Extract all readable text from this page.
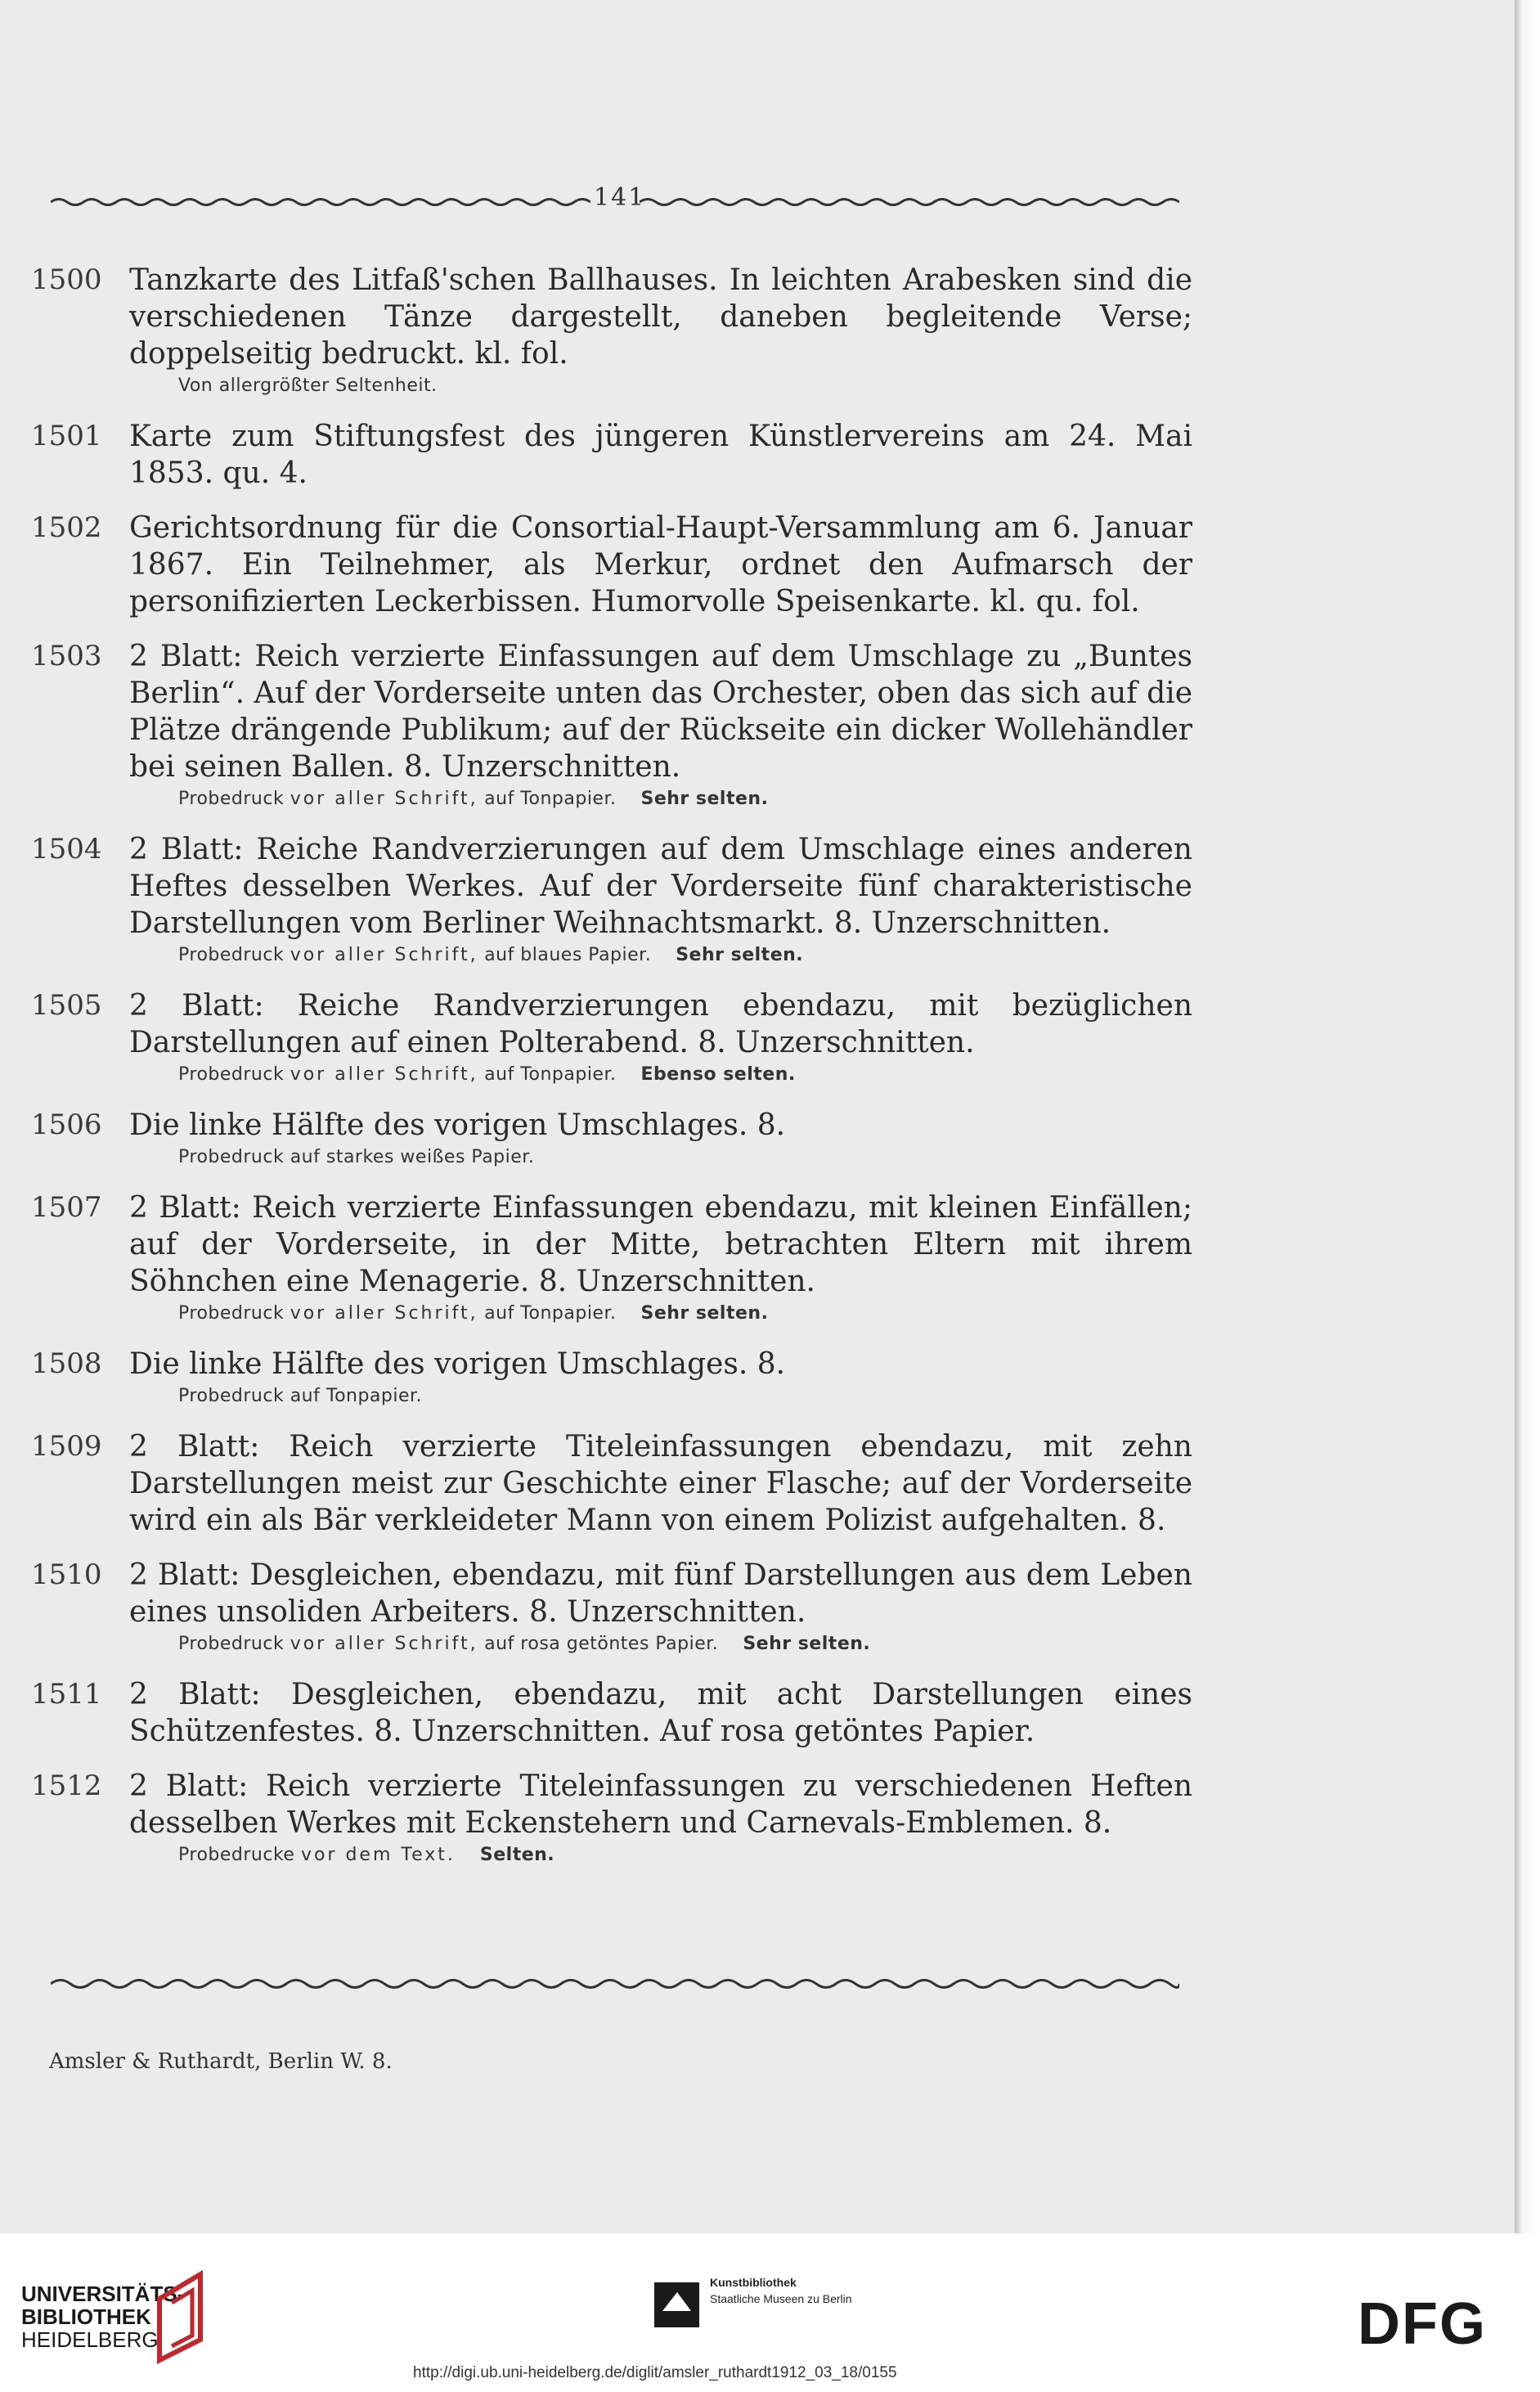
141
1500 Tanzkarte des Litfaß'schen Ballhauses. In leichten Arabesken sind die verschiedenen Tänze dargestellt, daneben begleitende Verse; doppelseitig bedruckt. kl. fol.
Von allergrößter Seltenheit.
1501 Karte zum Stiftungsfest des jüngeren Künstlervereins am 24. Mai 1853. qu. 4.
1502 Gerichtsordnung für die Consortial-Haupt-Versammlung am 6. Januar 1867. Ein Teilnehmer, als Merkur, ordnet den Aufmarsch der personifizierten Leckerbissen. Humorvolle Speisenkarte. kl. qu. fol.
1503 2 Blatt: Reich verzierte Einfassungen auf dem Umschlage zu „Buntes Berlin“. Auf der Vorderseite unten das Orchester, oben das sich auf die Plätze drängende Publikum; auf der Rückseite ein dicker Wollehändler bei seinen Ballen. 8. Unzerschnitten.
Probedruck vor aller Schrift, auf Tonpapier. Sehr selten.
1504 2 Blatt: Reiche Randverzierungen auf dem Umschlage eines anderen Heftes desselben Werkes. Auf der Vorderseite fünf charakteristische Darstellungen vom Berliner Weihnachtsmarkt. 8. Unzerschnitten.
Probedruck vor aller Schrift, auf blaues Papier. Sehr selten.
1505 2 Blatt: Reiche Randverzierungen ebendazu, mit bezüglichen Darstellungen auf einen Polterabend. 8. Unzerschnitten.
Probedruck vor aller Schrift, auf Tonpapier. Ebenso selten.
1506 Die linke Hälfte des vorigen Umschlages. 8.
Probedruck auf starkes weißes Papier.
1507 2 Blatt: Reich verzierte Einfassungen ebendazu, mit kleinen Einfällen; auf der Vorderseite, in der Mitte, betrachten Eltern mit ihrem Söhnchen eine Menagerie. 8. Unzerschnitten.
Probedruck vor aller Schrift, auf Tonpapier. Sehr selten.
1508 Die linke Hälfte des vorigen Umschlages. 8.
Probedruck auf Tonpapier.
1509 2 Blatt: Reich verzierte Titeleinfassungen ebendazu, mit zehn Darstellungen meist zur Geschichte einer Flasche; auf der Vorderseite wird ein als Bär verkleideter Mann von einem Polizist aufgehalten. 8.
1510 2 Blatt: Desgleichen, ebendazu, mit fünf Darstellungen aus dem Leben eines unsoliden Arbeiters. 8. Unzerschnitten.
Probedruck vor aller Schrift, auf rosa getöntes Papier. Sehr selten.
1511 2 Blatt: Desgleichen, ebendazu, mit acht Darstellungen eines Schützenfestes. 8. Unzerschnitten. Auf rosa getöntes Papier.
1512 2 Blatt: Reich verzierte Titeleinfassungen zu verschiedenen Heften desselben Werkes mit Eckenstehern und Carnevals-Emblemen. 8.
Probedrucke vor dem Text. Selten.
Amsler & Ruthardt, Berlin W. 8.
UNIVERSITÄTS-
BIBLIOTHEK
HEIDELBERG
Kunstbibliothek
Staatliche Museen zu Berlin	DFG
http://digi.ub.uni-heidelberg.de/diglit/amsler_ruthardt1912_03_18/0155
